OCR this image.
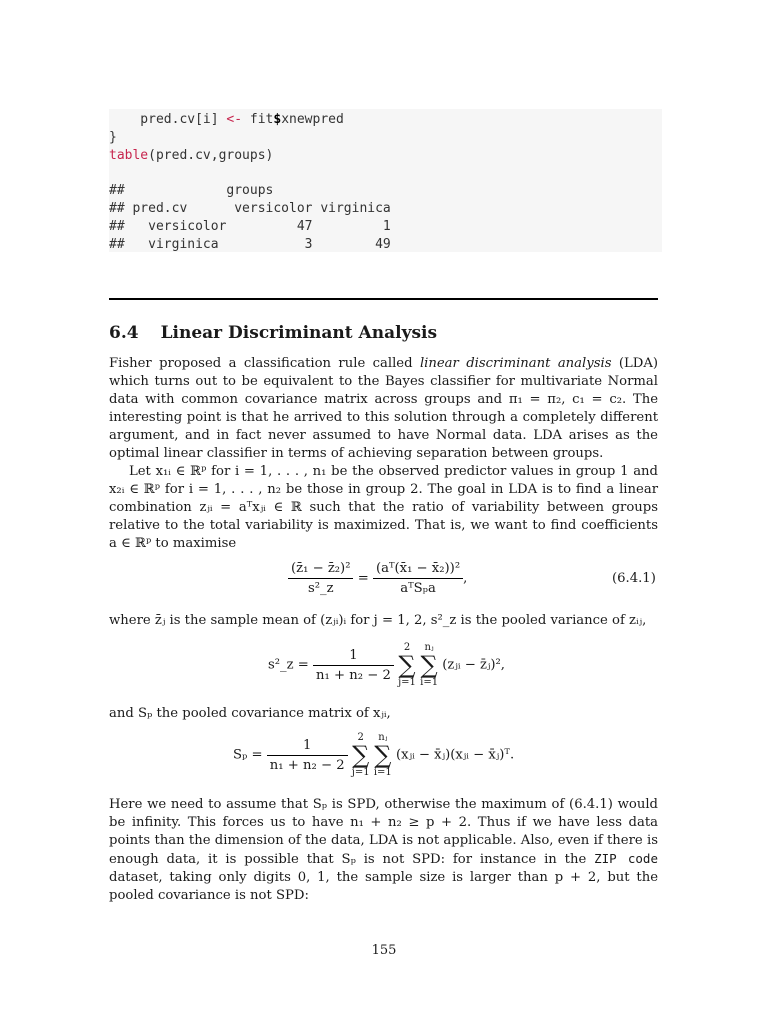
pred.cv[i] <- fit$xnewpred
}
table(pred.cv,groups)

##             groups
## pred.cv      versicolor virginica
##   versicolor         47         1
##   virginica           3        49
6.4 Linear Discriminant Analysis
Fisher proposed a classification rule called linear discriminant analysis (LDA) which turns out to be equivalent to the Bayes classifier for multivariate Normal data with common covariance matrix across groups and π₁ = π₂, c₁ = c₂. The interesting point is that he arrived to this solution through a completely different argument, and in fact never assumed to have Normal data. LDA arises as the optimal linear classifier in terms of achieving separation between groups.
Let x₁ᵢ ∈ ℝᵖ for i = 1, . . . , n₁ be the observed predictor values in group 1 and x₂ᵢ ∈ ℝᵖ for i = 1, . . . , n₂ be those in group 2. The goal in LDA is to find a linear combination zⱼᵢ = aᵀxⱼᵢ ∈ ℝ such that the ratio of variability between groups relative to the total variability is maximized. That is, we want to find coefficients a ∈ ℝᵖ to maximise
$\frac{\text{(z̄₁ − z̄₂)²}}{\text{s²\_z}} = \frac{\text{(aᵀ(x̄₁ − x̄₂))²}}{\text{aᵀSₚa}}$ ,	(6.4.1)
where z̄ⱼ is the sample mean of (zⱼᵢ)ᵢ for j = 1, 2, s²_z is the pooled variance of zᵢⱼ,
s²_z = $\frac{1}{\text{n₁ + n₂ − 2}} 2$
∑
j=1 nⱼ
∑
i=1 (zⱼᵢ − z̄ⱼ)²,
and Sₚ the pooled covariance matrix of xⱼᵢ,
$S_p = \frac{1}{\text{n₁ + n₂ − 2}} 2$
∑
j=1 nⱼ
∑
i=1 (xⱼᵢ − x̄ⱼ)(xⱼᵢ − x̄ⱼ)ᵀ.
Here we need to assume that Sₚ is SPD, otherwise the maximum of (6.4.1) would be infinity. This forces us to have n₁ + n₂ ≥ p + 2. Thus if we have less data points than the dimension of the data, LDA is not applicable. Also, even if there is enough data, it is possible that Sₚ is not SPD: for instance in the ZIP code dataset, taking only digits 0, 1, the sample size is larger than p + 2, but the pooled covariance is not SPD:
155
